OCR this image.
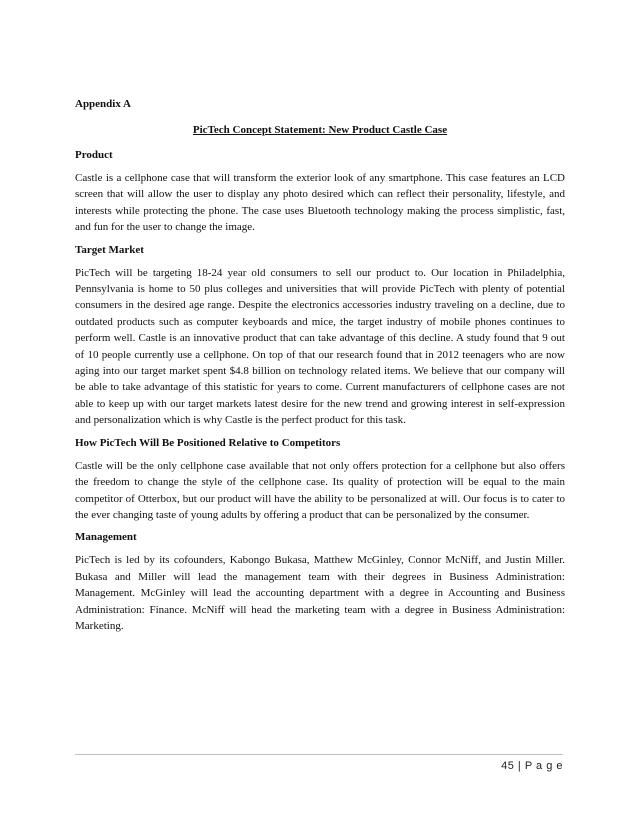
Appendix A
PicTech Concept Statement: New Product Castle Case
Product

Castle is a cellphone case that will transform the exterior look of any smartphone. This case features an LCD screen that will allow the user to display any photo desired which can reflect their personality, lifestyle, and interests while protecting the phone. The case uses Bluetooth technology making the process simplistic, fast, and fun for the user to change the image.

Target Market

PicTech will be targeting 18-24 year old consumers to sell our product to. Our location in Philadelphia, Pennsylvania is home to 50 plus colleges and universities that will provide PicTech with plenty of potential consumers in the desired age range. Despite the electronics accessories industry traveling on a decline, due to outdated products such as computer keyboards and mice, the target industry of mobile phones continues to perform well. Castle is an innovative product that can take advantage of this decline. A study found that 9 out of 10 people currently use a cellphone. On top of that our research found that in 2012 teenagers who are now aging into our target market spent $4.8 billion on technology related items. We believe that our company will be able to take advantage of this statistic for years to come. Current manufacturers of cellphone cases are not able to keep up with our target markets latest desire for the new trend and growing interest in self-expression and personalization which is why Castle is the perfect product for this task.

How PicTech Will Be Positioned Relative to Competitors

Castle will be the only cellphone case available that not only offers protection for a cellphone but also offers the freedom to change the style of the cellphone case. Its quality of protection will be equal to the main competitor of Otterbox, but our product will have the ability to be personalized at will. Our focus is to cater to the ever changing taste of young adults by offering a product that can be personalized by the consumer.

Management

PicTech is led by its cofounders, Kabongo Bukasa, Matthew McGinley, Connor McNiff, and Justin Miller. Bukasa and Miller will lead the management team with their degrees in Business Administration: Management. McGinley will lead the accounting department with a degree in Accounting and Business Administration: Finance. McNiff will head the marketing team with a degree in Business Administration: Marketing.

45 | P a g e
